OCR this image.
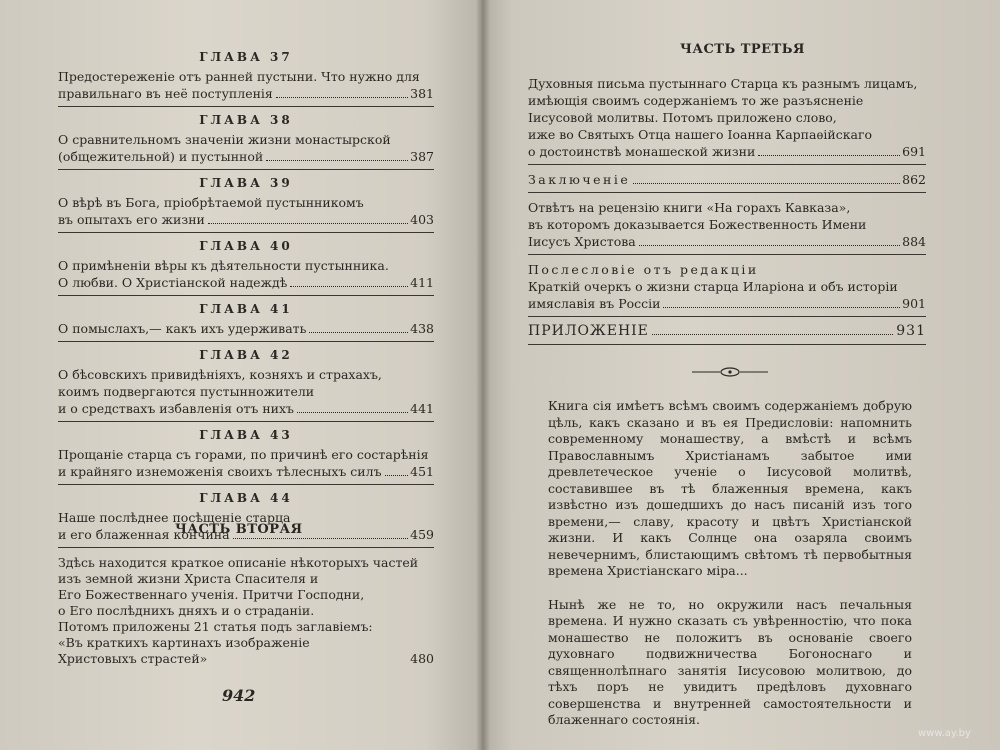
ГЛАВА 37
Предостереженіе отъ ранней пустыни. Что нужно для
правильнаго въ неё поступленія	381
ГЛАВА 38
О сравнительномъ значеніи жизни монастырской
(общежительной) и пустынной	387
ГЛАВА 39
О вѣрѣ въ Бога, пріобрѣтаемой пустынникомъ
въ опытахъ его жизни	403
ГЛАВА 40
О примѣненіи вѣры къ дѣятельности пустынника.
О любви. О Христіанской надеждѣ	411
ГЛАВА 41
О помыслахъ,— какъ ихъ удерживать	438
ГЛАВА 42
О бѣсовскихъ привидѣніяхъ, козняхъ и страхахъ,
коимъ подвергаются пустынножители
и о средствахъ избавленія отъ нихъ	441
ГЛАВА 43
Прощаніе старца съ горами, по причинѣ его состарѣнія
и крайняго изнеможенія своихъ тѣлесныхъ силъ 451
ГЛАВА 44
Наше послѣднее посѣщеніе старца
и его блаженная кончина	459
ЧАСТЬ ВТОРАЯ
Здѣсь находится краткое описаніе нѣкоторыхъ частей
изъ земной жизни Христа Спасителя и
Его Божественнаго ученія. Притчи Господни,
о Его послѣднихъ дняхъ и о страданіи.
Потомъ приложены 21 статья подъ заглавіемъ:
«Въ краткихъ картинахъ изображеніе
Христовыхъ страстей»	480
942
ЧАСТЬ ТРЕТЬЯ
Духовныя письма пустыннаго Старца къ разнымъ лицамъ,
имѣющія своимъ содержаніемъ то же разъясненіе
Іисусовой молитвы. Потомъ приложено слово,
иже во Святыхъ Отца нашего Іоанна Карпаѳійскаго
о достоинствѣ монашеской жизни	691
Заключеніе	862
Отвѣтъ на рецензію книги «На горахъ Кавказа»,
въ которомъ доказывается Божественность Имени
Іисусъ Христова	884
Послесловіе отъ редакціи
Краткій очеркъ о жизни старца Иларіона и объ исторіи
имяславія въ Россіи	901
ПРИЛОЖЕНІЕ	931

Книга сія имѣетъ всѣмъ своимъ содержаніемъ добрую цѣль, какъ сказано и въ ея Предисловіи: напомнить современному монашеству, а вмѣстѣ и всѣмъ Православнымъ Христіанамъ забытое ими древлетеческое ученіе о Іисусовой молитвѣ, составившее въ тѣ блаженныя времена, какъ извѣстно изъ дошедшихъ до насъ писаній изъ того времени,— славу, красоту и цвѣтъ Христіанской жизни. И какъ Солнце она озаряла своимъ невечернимъ, блистающимъ свѣтомъ тѣ первобытныя времена Христіанскаго міра...

Нынѣ же не то, но окружили насъ печальныя времена. И нужно сказать съ увѣренностію, что пока монашество не положитъ въ основаніе своего духовнаго подвижничества Богоноснаго и священнолѣпнаго занятія Іисусовою молитвою, до тѣхъ поръ не увидитъ предѣловъ духовнаго совершенства и внутренней самостоятельности и блаженнаго состоянія.

www.ay.by
